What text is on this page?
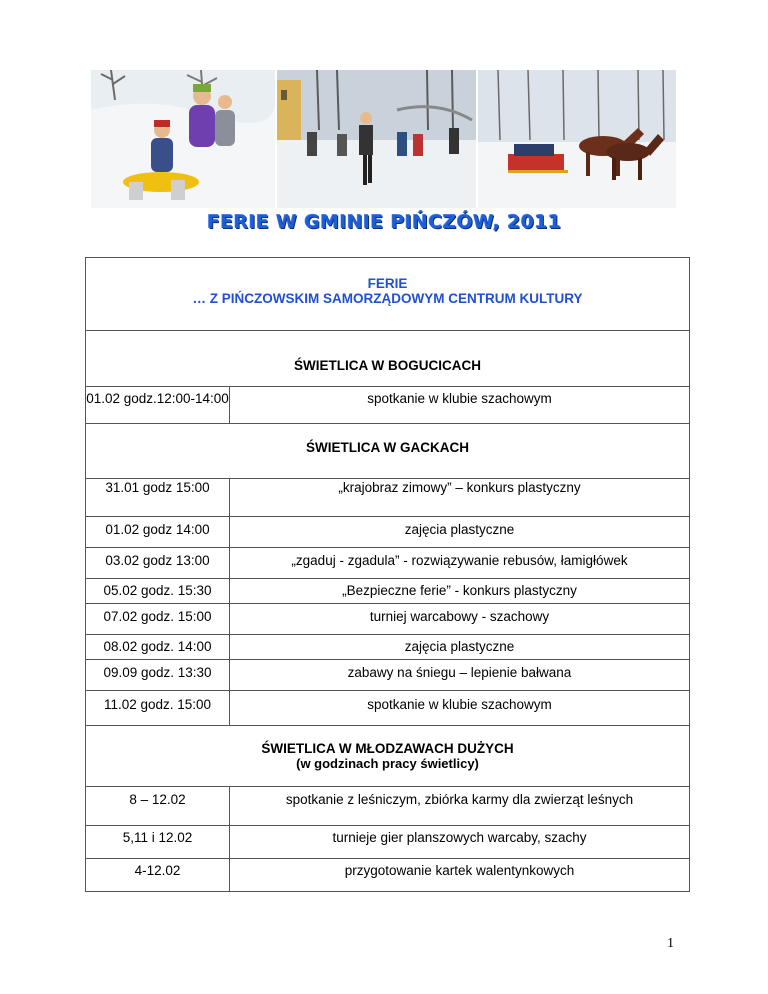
FERIE W GMINIE PIŃCZÓW, 2011
FERIE
… Z PIŃCZOWSKIM SAMORZĄDOWYM CENTRUM KULTURY	

ŚWIETLICA W BOGUCICACH	

01.02 godz.12:00-14:00	spotkanie w klubie szachowym

ŚWIETLICA W GACKACH	

31.01 godz 15:00	„krajobraz zimowy” – konkurs plastyczny

01.02 godz 14:00	zajęcia plastyczne

03.02 godz 13:00	„zgaduj - zgadula” - rozwiązywanie rebusów, łamigłówek

05.02 godz. 15:30	„Bezpieczne ferie” - konkurs plastyczny

07.02 godz. 15:00	turniej warcabowy - szachowy

08.02 godz. 14:00	zajęcia plastyczne

09.09 godz. 13:30	zabawy na śniegu – lepienie bałwana

11.02 godz. 15:00	spotkanie w klubie szachowym

ŚWIETLICA W MŁODZAWACH DUŻYCH
(w godzinach pracy świetlicy)	

8 – 12.02	spotkanie z leśniczym, zbiórka karmy dla zwierząt leśnych

5,11 i 12.02	turnieje gier planszowych warcaby, szachy

4-12.02	przygotowanie kartek walentynkowych
1
